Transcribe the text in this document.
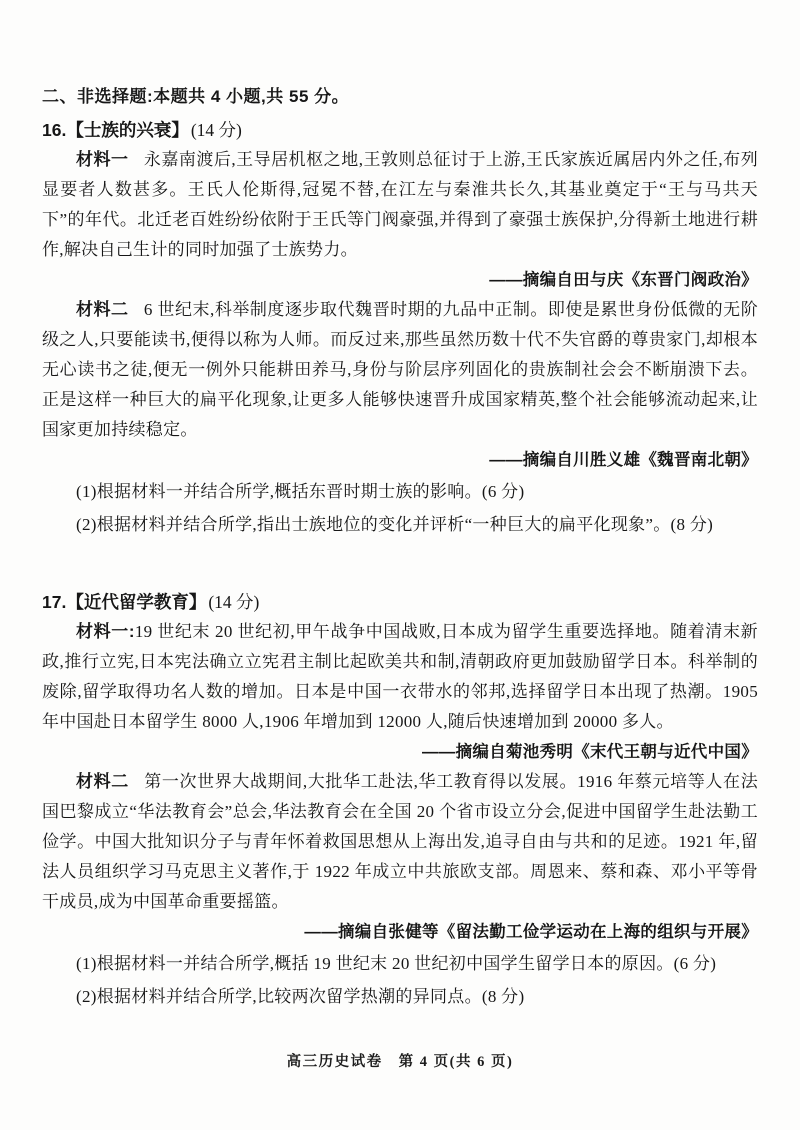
二、非选择题:本题共 4 小题,共 55 分。
16.【士族的兴衰】 (14 分)

材料一 永嘉南渡后,王导居机枢之地,王敦则总征讨于上游,王氏家族近属居内外之任,布列显要者人数甚多。王氏人伦斯得,冠冕不替,在江左与秦淮共长久,其基业奠定于“王与马共天下”的年代。北迁老百姓纷纷依附于王氏等门阀豪强,并得到了豪强士族保护,分得新土地进行耕作,解决自己生计的同时加强了士族势力。

——摘编自田与庆《东晋门阀政治》

材料二 6 世纪末,科举制度逐步取代魏晋时期的九品中正制。即使是累世身份低微的无阶级之人,只要能读书,便得以称为人师。而反过来,那些虽然历数十代不失官爵的尊贵家门,却根本无心读书之徒,便无一例外只能耕田养马,身份与阶层序列固化的贵族制社会会不断崩溃下去。正是这样一种巨大的扁平化现象,让更多人能够快速晋升成国家精英,整个社会能够流动起来,让国家更加持续稳定。

——摘编自川胜义雄《魏晋南北朝》

(1)根据材料一并结合所学,概括东晋时期士族的影响。(6 分)

(2)根据材料并结合所学,指出士族地位的变化并评析“一种巨大的扁平化现象”。(8 分)

17.【近代留学教育】 (14 分)

材料一:19 世纪末 20 世纪初,甲午战争中国战败,日本成为留学生重要选择地。随着清末新政,推行立宪,日本宪法确立立宪君主制比起欧美共和制,清朝政府更加鼓励留学日本。科举制的废除,留学取得功名人数的增加。日本是中国一衣带水的邻邦,选择留学日本出现了热潮。1905 年中国赴日本留学生 8000 人,1906 年增加到 12000 人,随后快速增加到 20000 多人。

——摘编自菊池秀明《末代王朝与近代中国》

材料二 第一次世界大战期间,大批华工赴法,华工教育得以发展。1916 年蔡元培等人在法国巴黎成立“华法教育会”总会,华法教育会在全国 20 个省市设立分会,促进中国留学生赴法勤工俭学。中国大批知识分子与青年怀着救国思想从上海出发,追寻自由与共和的足迹。1921 年,留法人员组织学习马克思主义著作,于 1922 年成立中共旅欧支部。周恩来、蔡和森、邓小平等骨干成员,成为中国革命重要摇篮。

——摘编自张健等《留法勤工俭学运动在上海的组织与开展》

(1)根据材料一并结合所学,概括 19 世纪末 20 世纪初中国学生留学日本的原因。(6 分)

(2)根据材料并结合所学,比较两次留学热潮的异同点。(8 分)

高三历史试卷　第 4 页(共 6 页)
